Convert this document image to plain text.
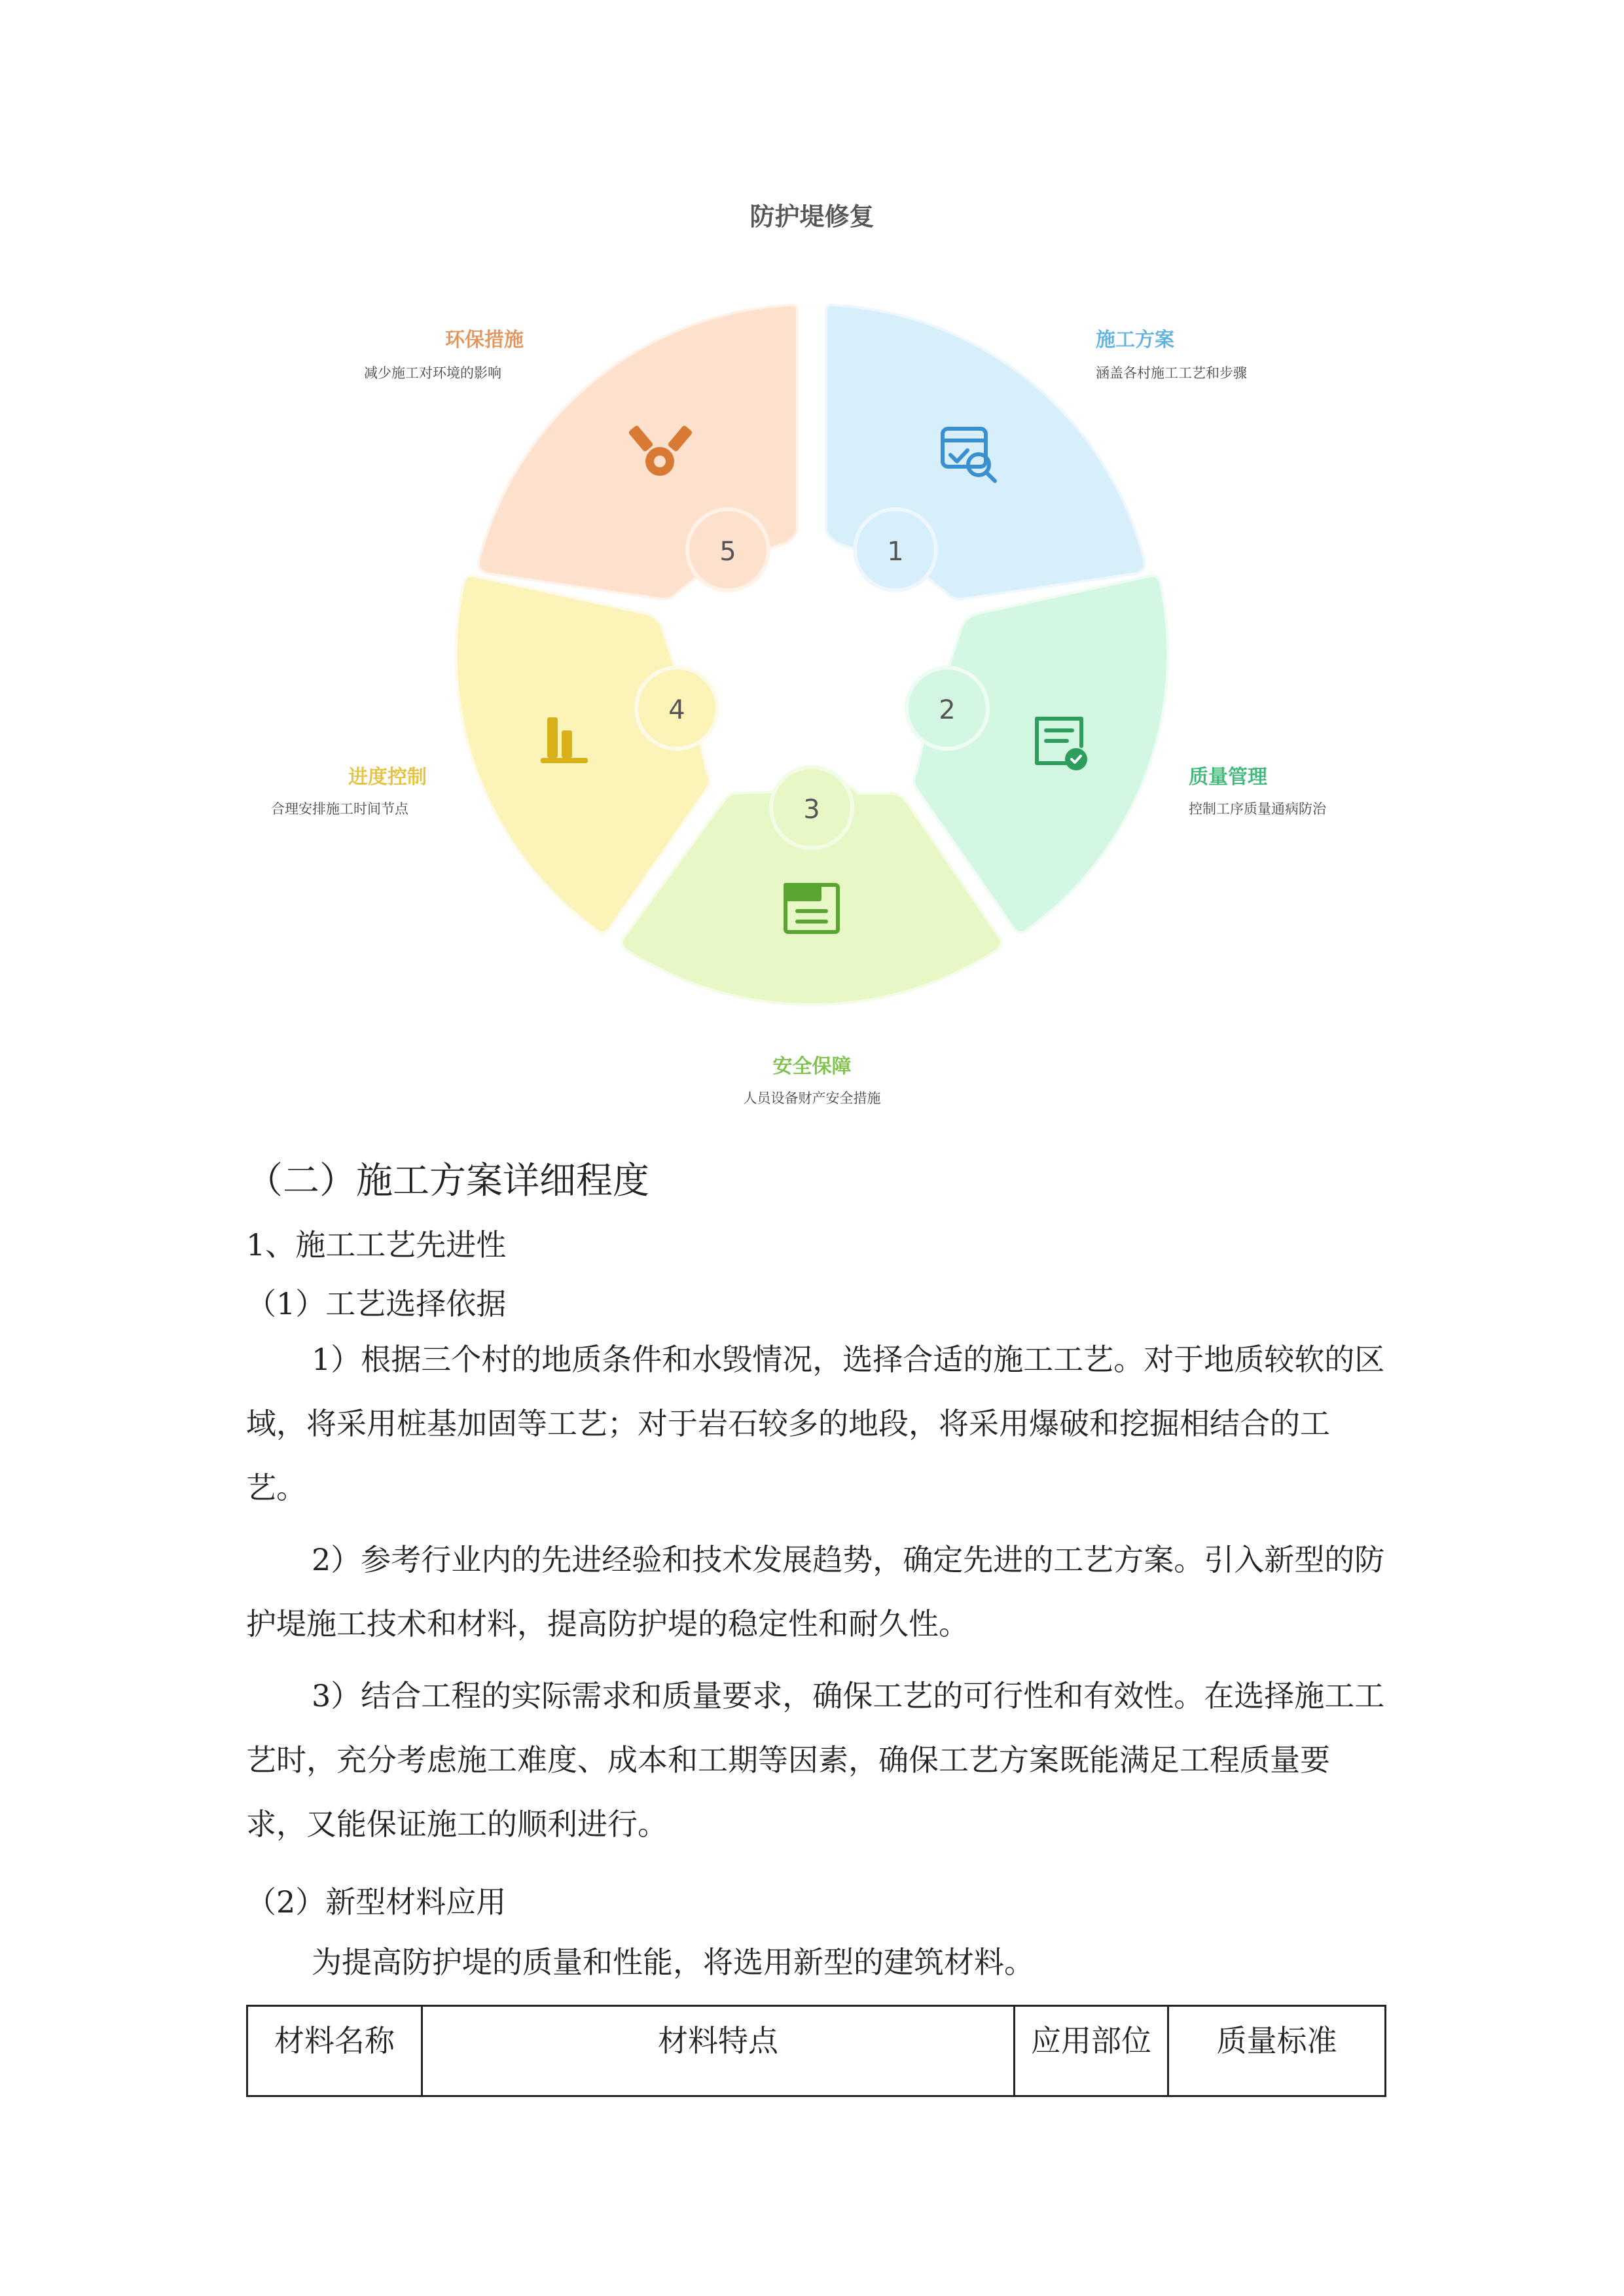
防护堤修复
1
2
3
4
5
施工方案
涵盖各村施工工艺和步骤
质量管理
控制工序质量通病防治
安全保障
人员设备财产安全措施
进度控制
合理安排施工时间节点
环保措施
减少施工对环境的影响
（二）施工方案详细程度
1、施工工艺先进性
（1）工艺选择依据
1）根据三个村的地质条件和水毁情况，选择合适的施工工艺。对于地质较软的区域，将采用桩基加固等工艺；对于岩石较多的地段，将采用爆破和挖掘相结合的工艺。
2）参考行业内的先进经验和技术发展趋势，确定先进的工艺方案。引入新型的防护堤施工技术和材料，提高防护堤的稳定性和耐久性。
3）结合工程的实际需求和质量要求，确保工艺的可行性和有效性。在选择施工工艺时，充分考虑施工难度、成本和工期等因素，确保工艺方案既能满足工程质量要求，又能保证施工的顺利进行。
（2）新型材料应用
为提高防护堤的质量和性能，将选用新型的建筑材料。
材料名称	材料特点	应用部位	质量标准
